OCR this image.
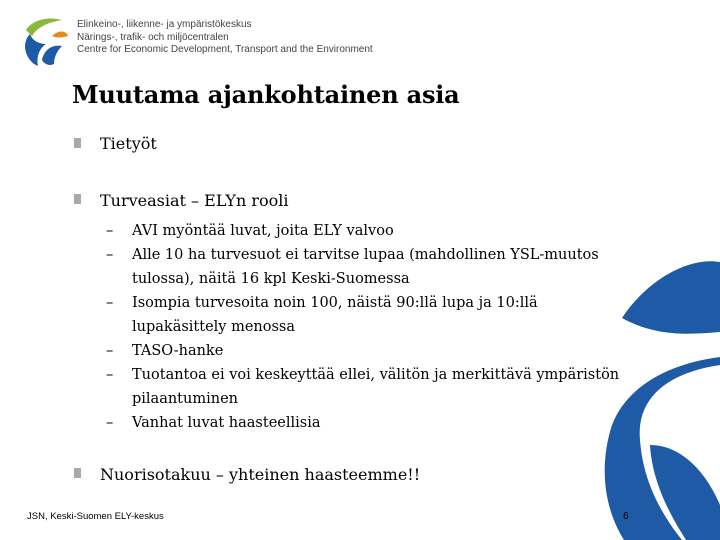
Elinkeino-, liikenne- ja ympäristökeskus
Närings-, trafik- och miljöcentralen
Centre for Economic Development, Transport and the Environment
Muutama ajankohtainen asia
Tietyöt
Turveasiat – ELYn rooli
– AVI myöntää luvat, joita ELY valvoo
– Alle 10 ha turvesuot ei tarvitse lupaa (mahdollinen YSL-muutos
tulossa), näitä 16 kpl Keski-Suomessa
– Isompia turvesoita noin 100, näistä 90:llä lupa ja 10:llä
lupakäsittely menossa
– TASO-hanke
– Tuotantoa ei voi keskeyttää ellei, välitön ja merkittävä ympäristön
pilaantuminen
– Vanhat luvat haasteellisia
Nuorisotakuu – yhteinen haasteemme!!
JSN, Keski-Suomen ELY-keskus	6
